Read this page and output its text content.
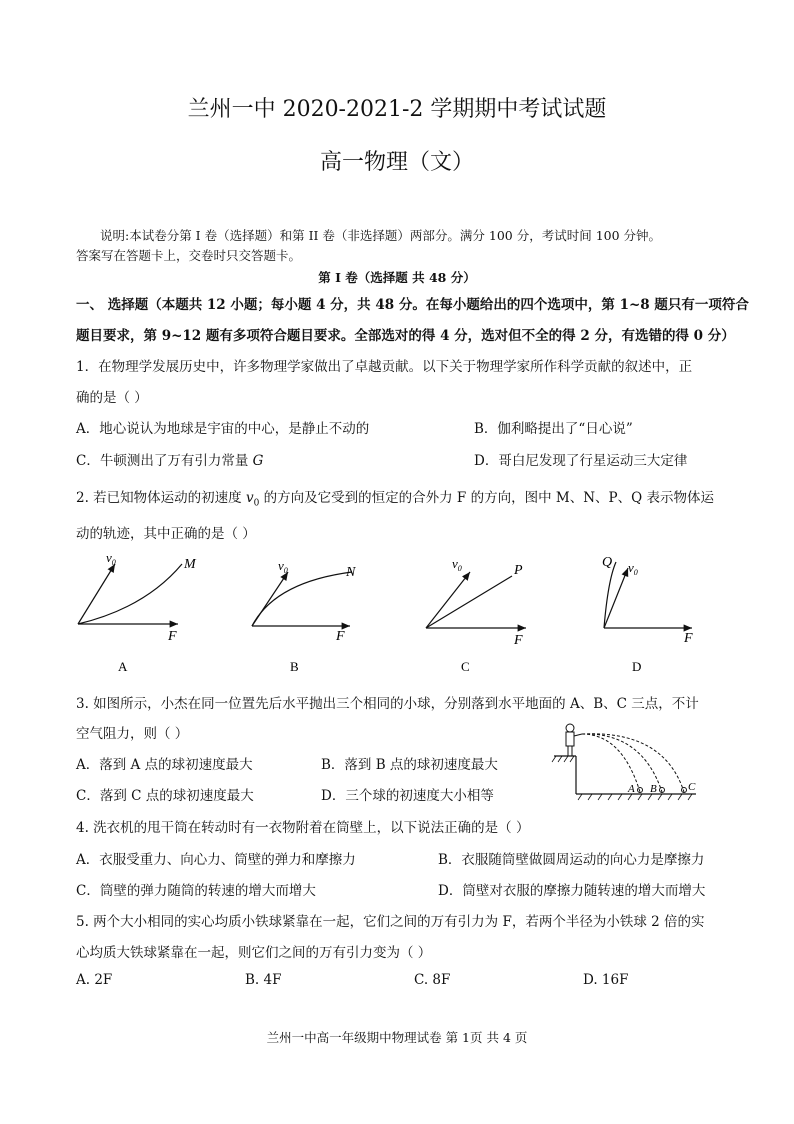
兰州一中 2020-2021-2 学期期中考试试题
高一物理（文）
说明:本试卷分第 I 卷（选择题）和第 II 卷（非选择题）两部分。满分 100 分，考试时间 100 分钟。
答案写在答题卡上，交卷时只交答题卡。
第 I 卷（选择题 共 48 分）
一、 选择题（本题共 12 小题；每小题 4 分，共 48 分。在每小题给出的四个选项中，第 1~8 题只有一项符合
题目要求，第 9~12 题有多项符合题目要求。全部选对的得 4 分，选对但不全的得 2 分，有选错的得 0 分）
1．在物理学发展历史中，许多物理学家做出了卓越贡献。以下关于物理学家所作科学贡献的叙述中，正
确的是（ ）
A．地心说认为地球是宇宙的中心，是静止不动的	B．伽利略提出了“日心说”
C．牛顿测出了万有引力常量 G	D．哥白尼发现了行星运动三大定律
2. 若已知物体运动的初速度 $v_0$ 的方向及它受到的恒定的合外力 F 的方向，图中 M、N、P、Q 表示物体运
动的轨迹，其中正确的是（ ）
$v_0$	M
F
A
$v_0$	N
F
B
$v_0$	P
F
C
Q $v_0$
F
D
3. 如图所示，小杰在同一位置先后水平抛出三个相同的小球，分别落到水平地面的 A、B、C 三点，不计
空气阻力，则（ ）
A．落到 A 点的球初速度最大	B．落到 B 点的球初速度最大
C．落到 C 点的球初速度最大	D．三个球的初速度大小相等	A B	C
4. 洗衣机的甩干筒在转动时有一衣物附着在筒壁上，以下说法正确的是（ ）
A．衣服受重力、向心力、筒壁的弹力和摩擦力	B．衣服随筒壁做圆周运动的向心力是摩擦力
C．筒壁的弹力随筒的转速的增大而增大	D．筒壁对衣服的摩擦力随转速的增大而增大
5. 两个大小相同的实心均质小铁球紧靠在一起，它们之间的万有引力为 F，若两个半径为小铁球 2 倍的实
心均质大铁球紧靠在一起，则它们之间的万有引力变为（ ）
A. 2F	B. 4F	C. 8F	D. 16F
兰州一中高一年级期中物理试卷 第 1页 共 4 页
